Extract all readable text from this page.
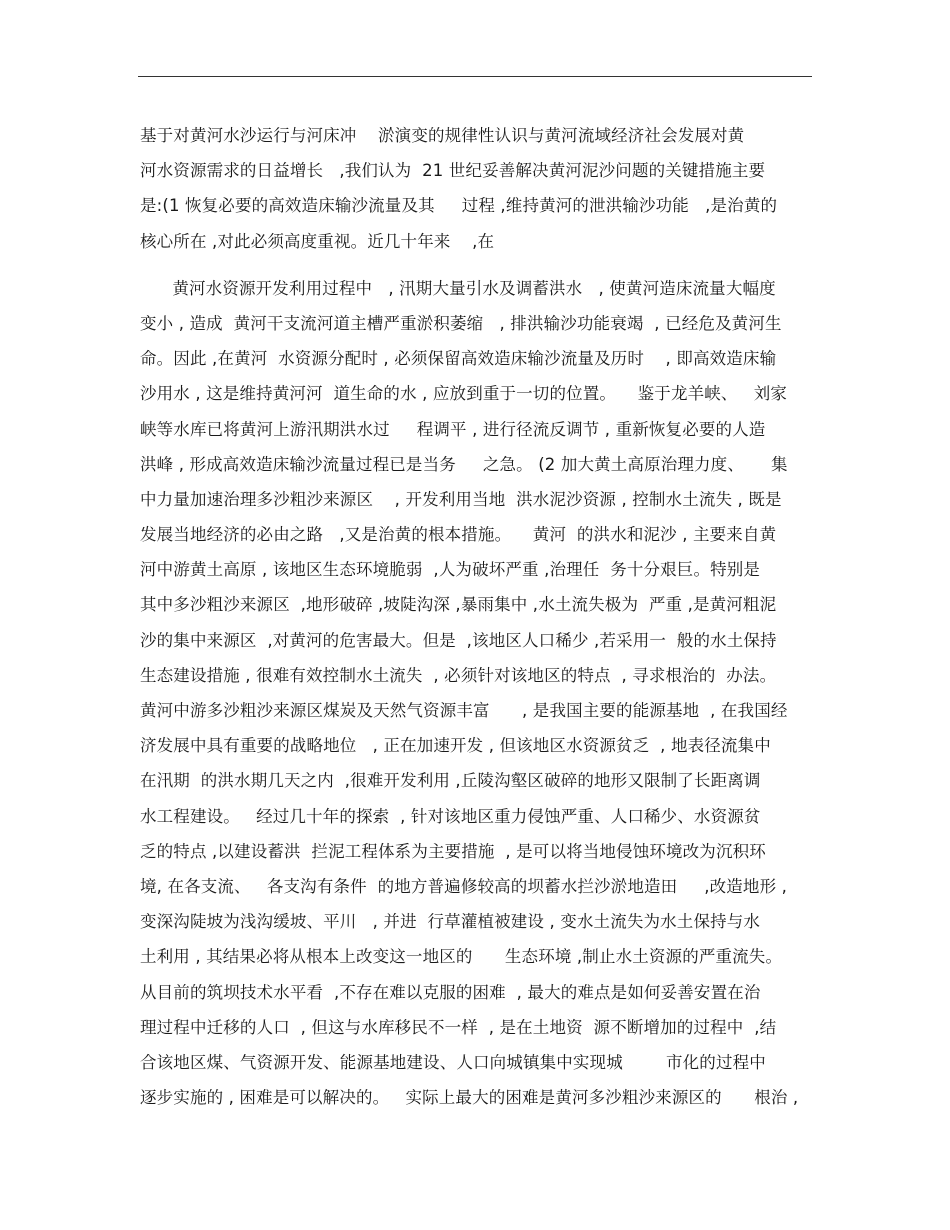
基于对黄河水沙运行与河床冲    淤演变的规律性认识与黄河流域经济社会发展对黄
河水资源需求的日益增长   ,我们认为  21 世纪妥善解决黄河泥沙问题的关键措施主要
是:(1 恢复必要的高效造床输沙流量及其     过程 ,维持黄河的泄洪输沙功能   ,是治黄的
核心所在 ,对此必须高度重视。近几十年来    ,在
黄河水资源开发利用过程中   , 汛期大量引水及调蓄洪水   , 使黄河造床流量大幅度
变小 , 造成  黄河干支流河道主槽严重淤积萎缩   , 排洪输沙功能衰竭  , 已经危及黄河生
命。因此 ,在黄河  水资源分配时 , 必须保留高效造床输沙流量及历时    , 即高效造床输
沙用水 , 这是维持黄河河  道生命的水 , 应放到重于一切的位置。    鉴于龙羊峡、   刘家
峡等水库已将黄河上游汛期洪水过     程调平 , 进行径流反调节 , 重新恢复必要的人造
洪峰 , 形成高效造床输沙流量过程已是当务     之急。 (2 加大黄土高原治理力度、     集
中力量加速治理多沙粗沙来源区    , 开发利用当地  洪水泥沙资源 , 控制水土流失 , 既是
发展当地经济的必由之路   ,又是治黄的根本措施。    黄河  的洪水和泥沙 , 主要来自黄
河中游黄土高原 , 该地区生态环境脆弱  ,人为破坏严重 ,治理任  务十分艰巨。特别是
其中多沙粗沙来源区  ,地形破碎 ,坡陡沟深 ,暴雨集中 ,水土流失极为  严重 ,是黄河粗泥
沙的集中来源区  ,对黄河的危害最大。但是  ,该地区人口稀少 ,若采用一  般的水土保持
生态建设措施 , 很难有效控制水土流失  , 必须针对该地区的特点  , 寻求根治的  办法。
黄河中游多沙粗沙来源区煤炭及天然气资源丰富      , 是我国主要的能源基地  , 在我国经
济发展中具有重要的战略地位   , 正在加速开发 , 但该地区水资源贫乏  , 地表径流集中
在汛期  的洪水期几天之内  ,很难开发利用 ,丘陵沟壑区破碎的地形又限制了长距离调
水工程建设。   经过几十年的探索  , 针对该地区重力侵蚀严重、人口稀少、水资源贫
乏的特点 ,以建设蓄洪  拦泥工程体系为主要措施  , 是可以将当地侵蚀环境改为沉积环
境, 在各支流、   各支沟有条件  的地方普遍修较高的坝蓄水拦沙淤地造田     ,改造地形 ,
变深沟陡坡为浅沟缓坡、平川   , 并进  行草灌植被建设 , 变水土流失为水土保持与水
土利用 , 其结果必将从根本上改变这一地区的      生态环境 ,制止水土资源的严重流失。
从目前的筑坝技术水平看  ,不存在难以克服的困难  , 最大的难点是如何妥善安置在治
理过程中迁移的人口  , 但这与水库移民不一样  , 是在土地资  源不断增加的过程中  ,结
合该地区煤、气资源开发、能源基地建设、人口向城镇集中实现城        市化的过程中
逐步实施的 , 困难是可以解决的。   实际上最大的困难是黄河多沙粗沙来源区的      根治 ,
